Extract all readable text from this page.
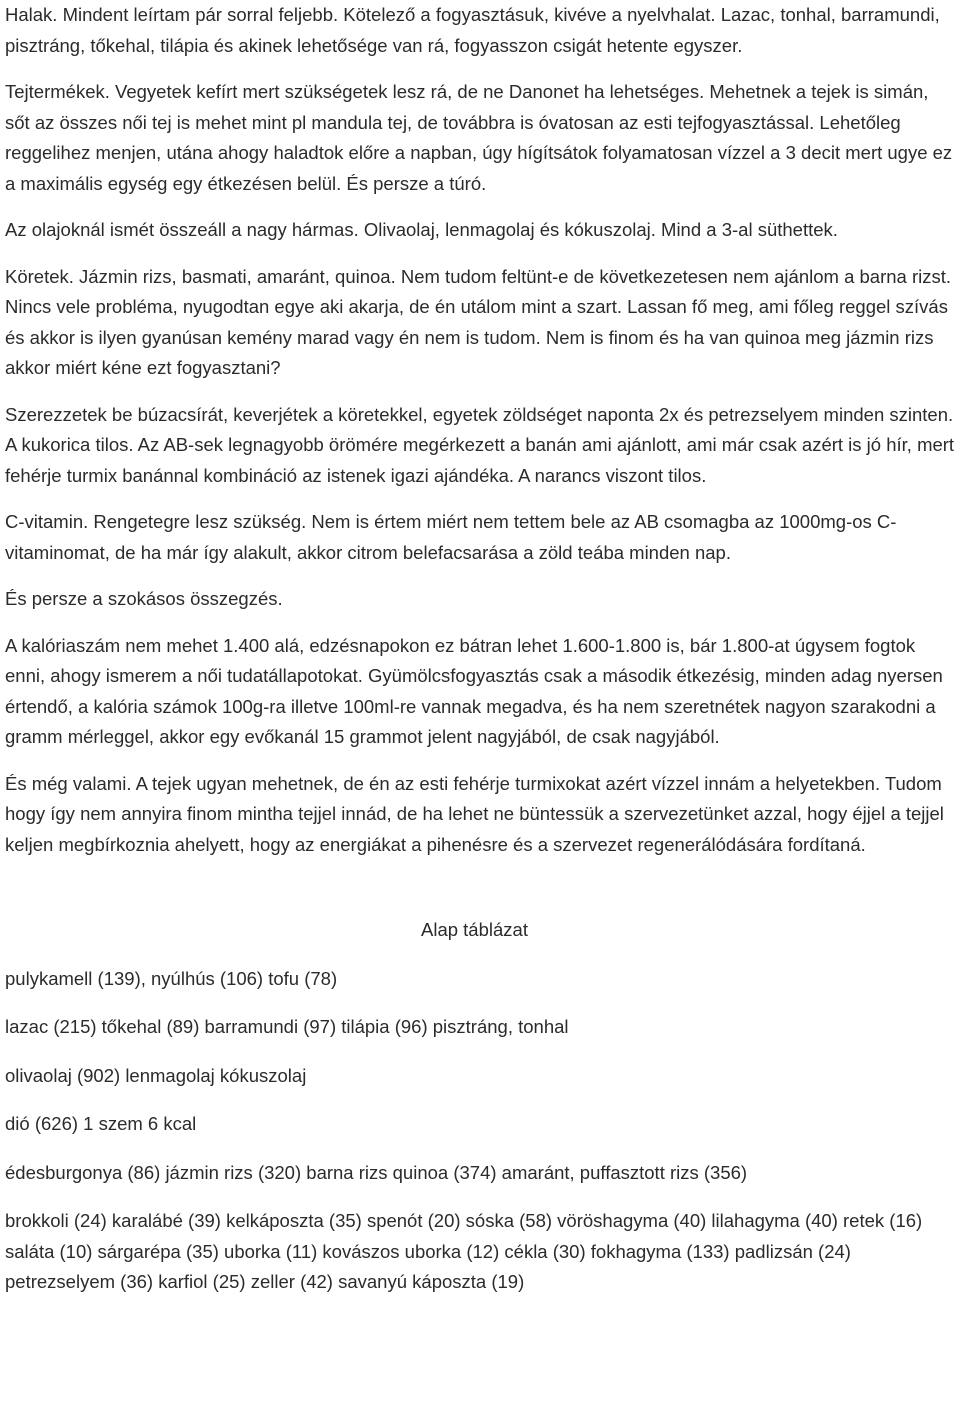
Halak. Mindent leírtam pár sorral feljebb. Kötelező a fogyasztásuk, kivéve a nyelvhalat. Lazac, tonhal, barramundi, pisztráng, tőkehal, tilápia és akinek lehetősége van rá, fogyasszon csigát hetente egyszer.

Tejtermékek. Vegyetek kefírt mert szükségetek lesz rá, de ne Danonet ha lehetséges. Mehetnek a tejek is simán, sőt az összes női tej is mehet mint pl mandula tej, de továbbra is óvatosan az esti tejfogyasztással. Lehetőleg reggelihez menjen, utána ahogy haladtok előre a napban, úgy hígítsátok folyamatosan vízzel a 3 decit mert ugye ez a maximális egység egy étkezésen belül. És persze a túró.

Az olajoknál ismét összeáll a nagy hármas. Olivaolaj, lenmagolaj és kókuszolaj. Mind a 3-al süthettek.

Köretek. Jázmin rizs, basmati, amaránt, quinoa. Nem tudom feltünt-e de következetesen nem ajánlom a barna rizst. Nincs vele probléma, nyugodtan egye aki akarja, de én utálom mint a szart. Lassan fő meg, ami főleg reggel szívás és akkor is ilyen gyanúsan kemény marad vagy én nem is tudom. Nem is finom és ha van quinoa meg jázmin rizs akkor miért kéne ezt fogyasztani?

Szerezzetek be búzacsírát, keverjétek a köretekkel, egyetek zöldséget naponta 2x és petrezselyem minden szinten. A kukorica tilos. Az AB-sek legnagyobb örömére megérkezett a banán ami ajánlott, ami már csak azért is jó hír, mert fehérje turmix banánnal kombináció az istenek igazi ajándéka. A narancs viszont tilos.

C-vitamin. Rengetegre lesz szükség. Nem is értem miért nem tettem bele az AB csomagba az 1000mg-os C-vitaminomat, de ha már így alakult, akkor citrom belefacsarása a zöld teába minden nap.

És persze a szokásos összegzés.

A kalóriaszám nem mehet 1.400 alá, edzésnapokon ez bátran lehet 1.600-1.800 is, bár 1.800-at úgysem fogtok enni, ahogy ismerem a női tudatállapotokat. Gyümölcsfogyasztás csak a második étkezésig, minden adag nyersen értendő, a kalória számok 100g-ra illetve 100ml-re vannak megadva, és ha nem szeretnétek nagyon szarakodni a gramm mérleggel, akkor egy evőkanál 15 grammot jelent nagyjából, de csak nagyjából.

És még valami. A tejek ugyan mehetnek, de én az esti fehérje turmixokat azért vízzel innám a helyetekben. Tudom hogy így nem annyira finom mintha tejjel innád, de ha lehet ne büntessük a szervezetünket azzal, hogy éjjel a tejjel keljen megbírkoznia ahelyett, hogy az energiákat a pihenésre és a szervezet regenerálódására fordítaná.

Alap táblázat

pulykamell (139), nyúlhús (106) tofu (78)

lazac (215) tőkehal (89) barramundi (97) tilápia (96) pisztráng, tonhal

olivaolaj (902) lenmagolaj kókuszolaj

dió (626) 1 szem 6 kcal

édesburgonya (86) jázmin rizs (320) barna rizs quinoa (374) amaránt, puffasztott rizs (356)

brokkoli (24) karalábé (39) kelkáposzta (35) spenót (20) sóska (58) vöröshagyma (40) lilahagyma (40) retek (16) saláta (10) sárgarépa (35) uborka (11) kovászos uborka (12) cékla (30) fokhagyma (133) padlizsán (24) petrezselyem (36) karfiol (25) zeller (42) savanyú káposzta (19)
